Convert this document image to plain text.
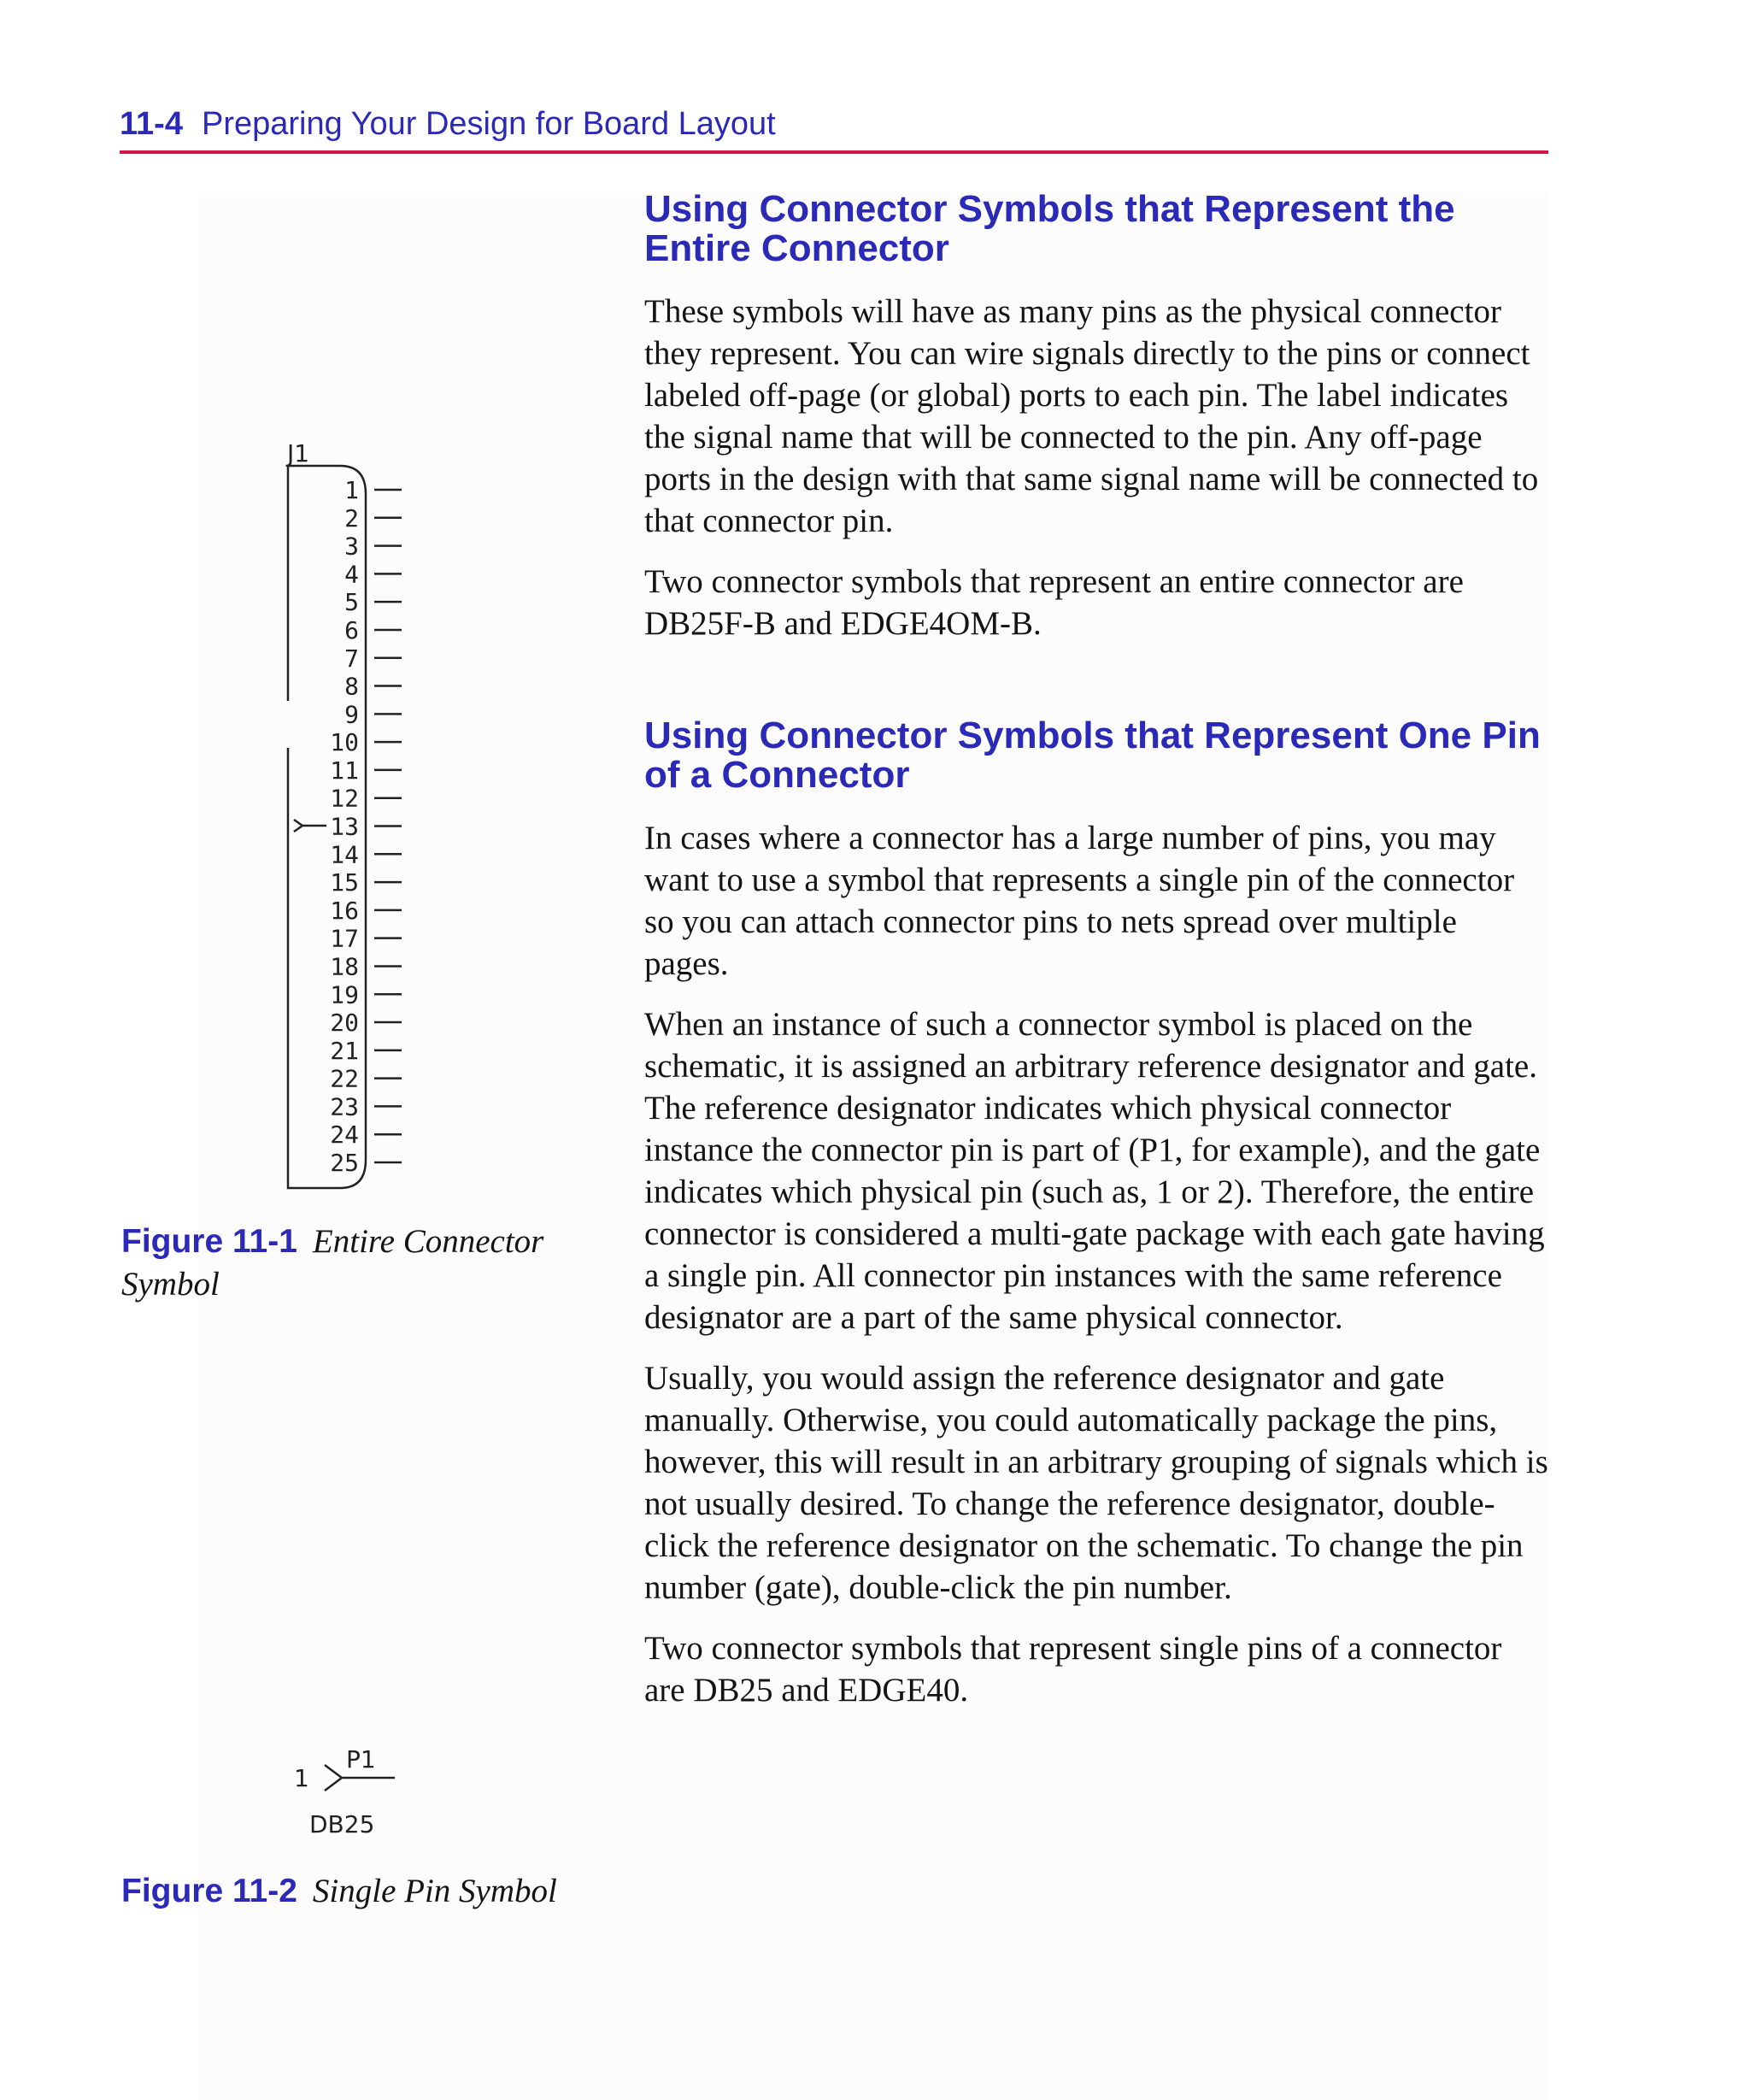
11-4 Preparing Your Design for Board Layout
J1
1
2
3
4
5
6
7
8
9
10
11
12
13
14
15
16
17
18
19
20
21
22
23
24
25
1
P1
DB25
Figure 11-1 Entire Connector Symbol
Figure 11-2 Single Pin Symbol
Using Connector Symbols that Represent the Entire Connector

These symbols will have as many pins as the physical connector they represent. You can wire signals directly to the pins or connect labeled off-page (or global) ports to each pin. The label indicates the signal name that will be connected to the pin. Any off-page ports in the design with that same signal name will be connected to that connector pin.

Two connector symbols that represent an entire connector are DB25F-B and EDGE4OM-B.

Using Connector Symbols that Represent One Pin of a Connector

In cases where a connector has a large number of pins, you may want to use a symbol that represents a single pin of the connector so you can attach connector pins to nets spread over multiple pages.

When an instance of such a connector symbol is placed on the schematic, it is assigned an arbitrary reference designator and gate. The reference designator indicates which physical connector instance the connector pin is part of (P1, for example), and the gate indicates which physical pin (such as, 1 or 2). Therefore, the entire connector is considered a multi-gate package with each gate having a single pin. All connector pin instances with the same reference designator are a part of the same physical connector.

Usually, you would assign the reference designator and gate manually. Otherwise, you could automatically package the pins, however, this will result in an arbitrary grouping of signals which is not usually desired. To change the reference designator, double-click the reference designator on the schematic. To change the pin number (gate), double-click the pin number.

Two connector symbols that represent single pins of a connector are DB25 and EDGE40.
